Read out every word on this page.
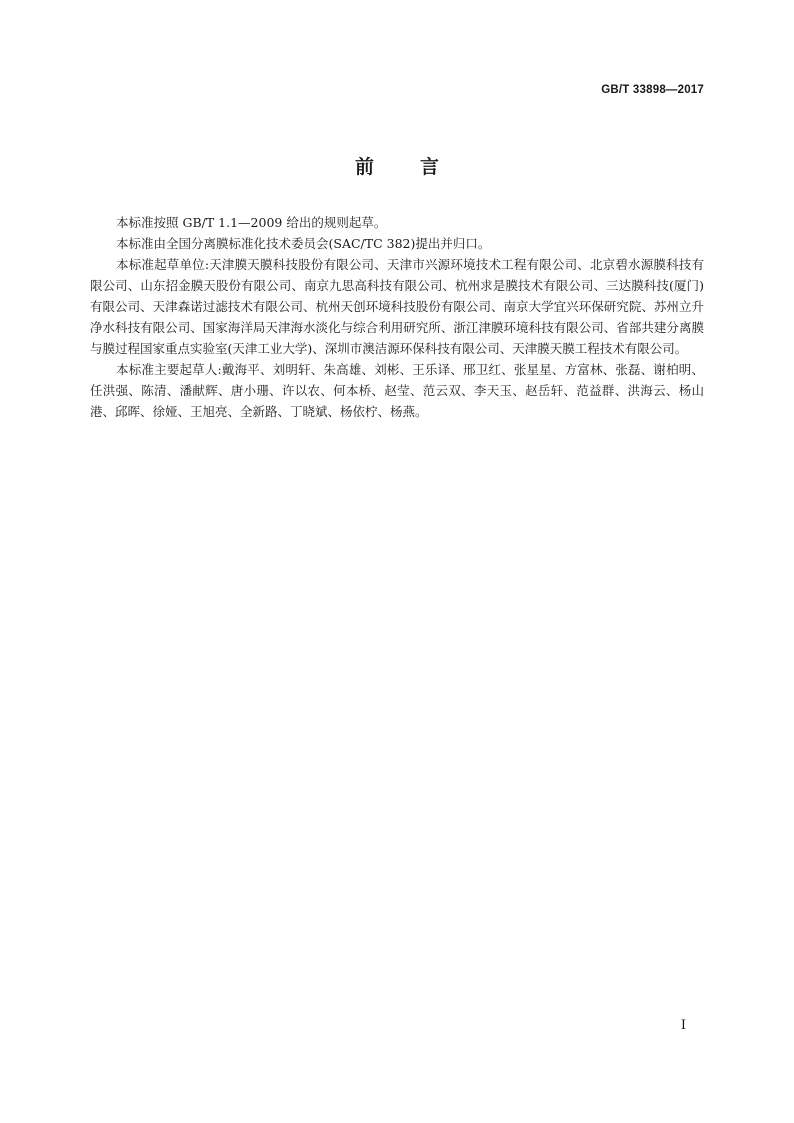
GB/T 33898—2017
前言

本标准按照 GB/T 1.1—2009 给出的规则起草。

本标准由全国分离膜标准化技术委员会(SAC/TC 382)提出并归口。

本标准起草单位:天津膜天膜科技股份有限公司、天津市兴源环境技术工程有限公司、北京碧水源膜科技有限公司、山东招金膜天股份有限公司、南京九思高科技有限公司、杭州求是膜技术有限公司、三达膜科技(厦门)有限公司、天津森诺过滤技术有限公司、杭州天创环境科技股份有限公司、南京大学宜兴环保研究院、苏州立升净水科技有限公司、国家海洋局天津海水淡化与综合利用研究所、浙江津膜环境科技有限公司、省部共建分离膜与膜过程国家重点实验室(天津工业大学)、深圳市澳洁源环保科技有限公司、天津膜天膜工程技术有限公司。

本标准主要起草人:戴海平、刘明轩、朱高雄、刘彬、王乐译、邢卫红、张星星、方富林、张磊、谢柏明、任洪强、陈清、潘献辉、唐小珊、许以农、何本桥、赵莹、范云双、李天玉、赵岳轩、范益群、洪海云、杨山港、邱晖、徐娅、王旭亮、全新路、丁晓斌、杨依柠、杨燕。

I
